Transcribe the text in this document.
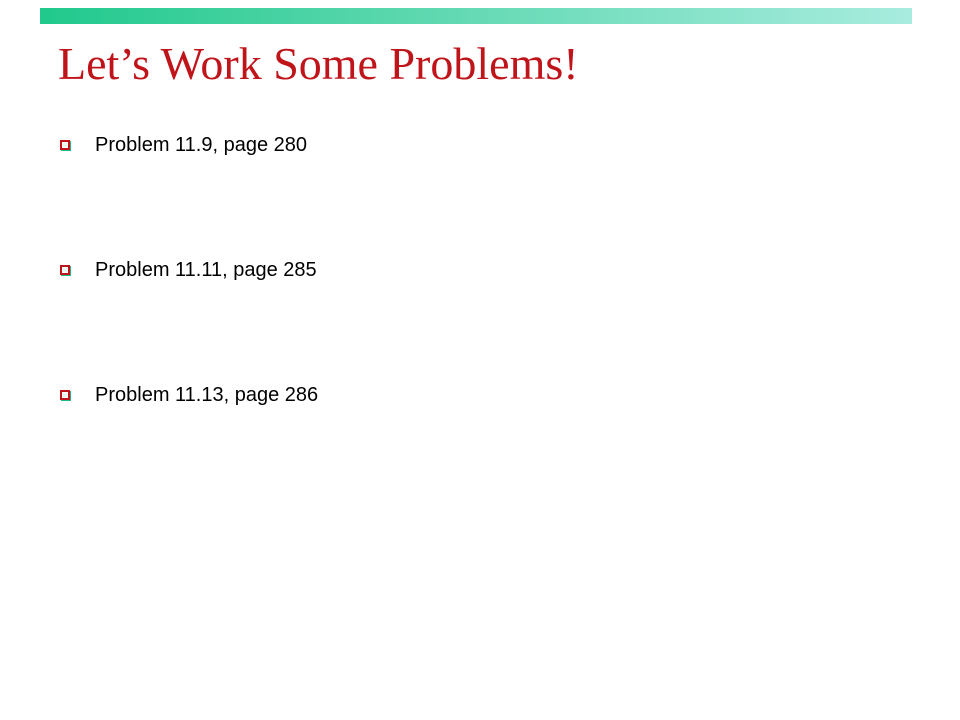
Let’s Work Some Problems!
Problem 11.9, page 280
Problem 11.11, page 285
Problem 11.13, page 286
